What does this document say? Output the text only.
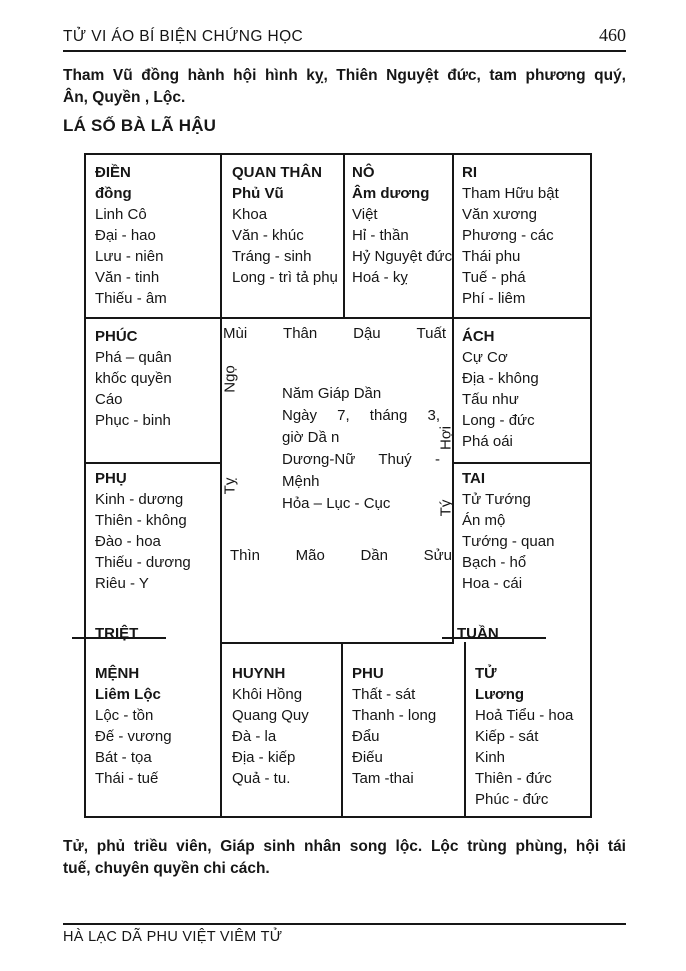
TỬ VI ÁO BÍ BIỆN CHỨNG HỌC	460
Tham Vũ đồng hành hội hình kỵ, Thiên Nguyệt đức, tam phương quý,
Ân, Quyền , Lộc.
LÁ SỐ BÀ LÃ HẬU
ĐIỀN
đồng
Linh Cô
Đại - hao
Lưu - niên
Văn - tinh
Thiếu - âm
QUAN THÂN
Phủ Vũ
Khoa
Văn - khúc
Tráng - sinh
Long - trì tả phụ
NÔ
Âm dương
Việt
Hỉ - thần
Hỷ Nguyệt đức
Hoá - kỵ
RI
Tham Hữu bật
Văn xương
Phương - các
Thái phu
Tuế - phá
Phí - liêm
PHÚC
Phá – quân
khốc quyền
Cáo
Phục - binh
ÁCH
Cự Cơ
Địa - không
Tấu như
Long - đức
Phá oái
PHỤ
Kinh - dương
Thiên - không
Đào - hoa
Thiếu - dương
Riêu - Y
TAI
Tử Tướng
Án mộ
Tướng - quan
Bạch - hổ
Hoa - cái
TRIỆT	TUẦN
MỆNH
Liêm Lộc
Lộc - tồn
Đế - vương
Bát - tọa
Thái - tuế
HUYNH
Khôi Hồng
Quang Quy
Đà - la
Địa - kiếp
Quả - tu.
PHU
Thất - sát
Thanh - long
Đẩu
Điếu
Tam -thai
TỬ
Lương
Hoả Tiểu - hoa
Kiếp - sát
Kinh
Thiên - đức
Phúc - đức
Mùi Thân Dậu Tuất
Ngọ
Tỵ
Hợi
Tý
Năm Giáp Dần
Ngày 7, tháng 3,
giờ Dầ n
Dương-Nữ Thuý -
Mệnh
Hỏa – Lục - Cục
Thìn Mão Dần Sửu
Tử, phủ triều viên, Giáp sinh nhân song lộc. Lộc trùng phùng, hội tái
tuế, chuyên quyền chi cách.
HÀ LẠC DÃ PHU VIỆT VIÊM TỬ
